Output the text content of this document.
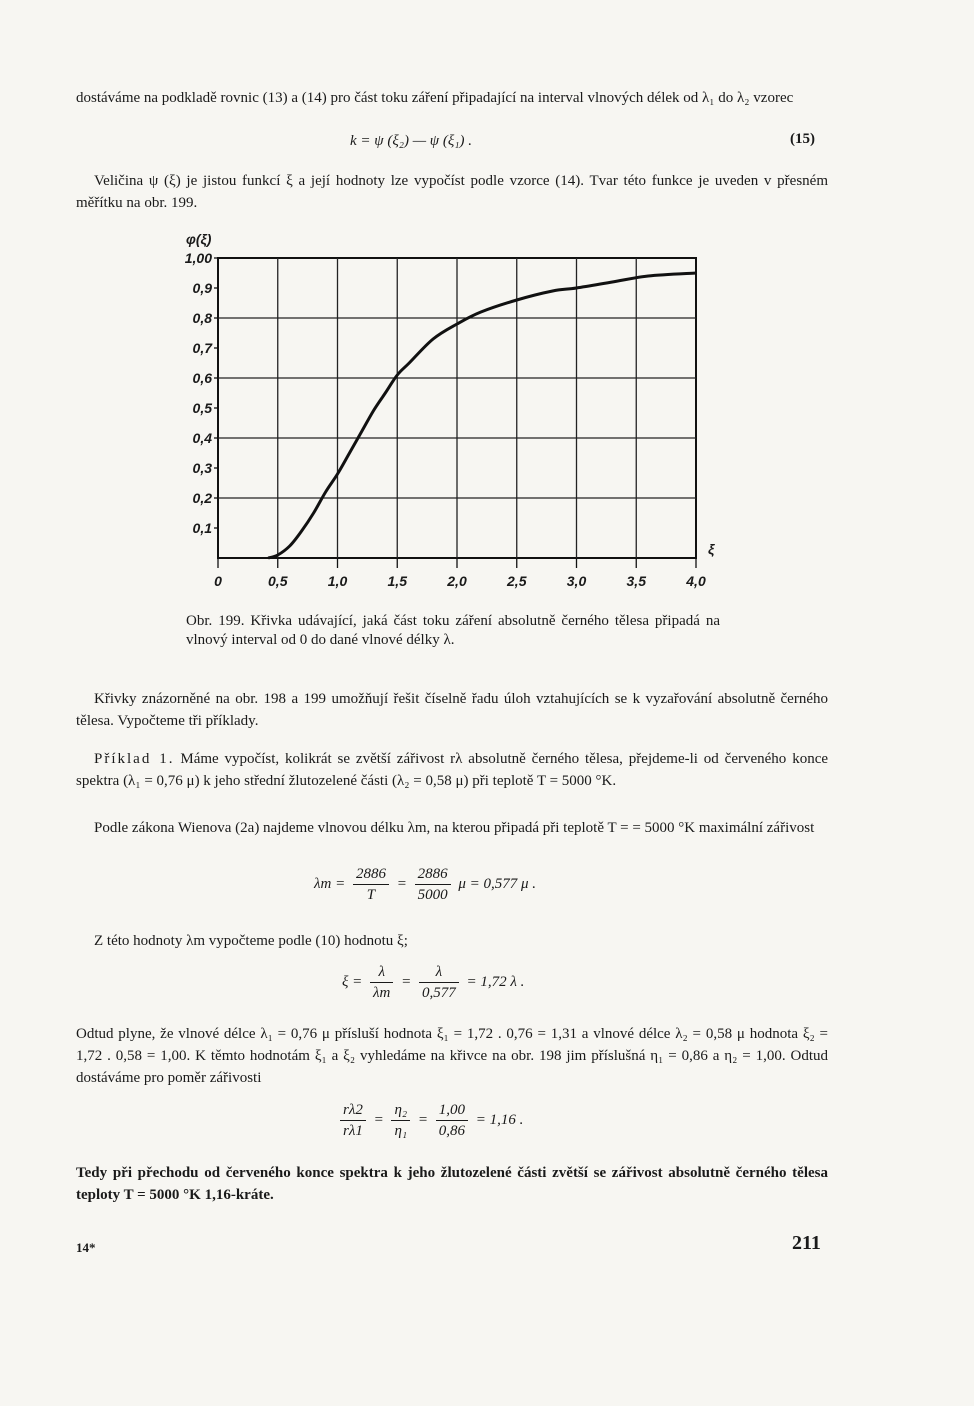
dostáváme na podkladě rovnic (13) a (14) pro část toku záření připadající na interval vlnových délek od λ₁ do λ₂ vzorec
k = ψ (ξ₂) — ψ (ξ₁) .	(15)
Veličina ψ (ξ) je jistou funkcí ξ a její hodnoty lze vypočíst podle vzorce (14). Tvar této funkce je uveden v přesném měřítku na obr. 199.
0	0,5	1,0	1,5	2,0	2,5	3,0	3,5	4,0
0,1
0,2
0,3
0,4
0,5
0,6
0,7
0,8
0,9
1,00
φ(ξ)
ξ
Obr. 199. Křivka udávající, jaká část toku záření absolutně černého tělesa připadá na vlnový interval od 0 do dané vlnové délky λ.
Křivky znázorněné na obr. 198 a 199 umožňují řešit číselně řadu úloh vztahujících se k vyzařování absolutně černého tělesa. Vypočteme tři příklady.
Příklad 1. Máme vypočíst, kolikrát se zvětší zářivost rλ absolutně černého tělesa, přejdeme-li od červeného konce spektra (λ₁ = 0,76 μ) k jeho střední žlutozelené části (λ₂ = 0,58 μ) při teplotě T = 5000 °K.
Podle zákona Wienova (2a) najdeme vlnovou délku λm, na kterou připadá při teplotě T = = 5000 °K maximální zářivost
$\lambda m = \frac{2886}{T} = \frac{2886}{5000}$ μ = 0,577 μ .
Z této hodnoty λm vypočteme podle (10) hodnotu ξ;
$\xi = \frac{\lambda}{\lambda m} = \frac{\lambda}{0,577} = 1,72$ λ .
Odtud plyne, že vlnové délce λ₁ = 0,76 μ přísluší hodnota ξ₁ = 1,72 . 0,76 = 1,31 a vlnové délce λ₂ = 0,58 μ hodnota ξ₂ = 1,72 . 0,58 = 1,00. K těmto hodnotám ξ₁ a ξ₂ vyhledáme na křivce na obr. 198 jim příslušná η₁ = 0,86 a η₂ = 1,00. Odtud dostáváme pro poměr zářivosti
$\frac{r\lambda 2}{r\lambda 1} = \frac{\text{η₂}}{\text{η₁}} = \frac{1,00}{0,86} = 1,16$ .
Tedy při přechodu od červeného konce spektra k jeho žlutozelené části zvětší se zářivost absolutně černého tělesa teploty T = 5000 °K 1,16-kráte.
14*	211
